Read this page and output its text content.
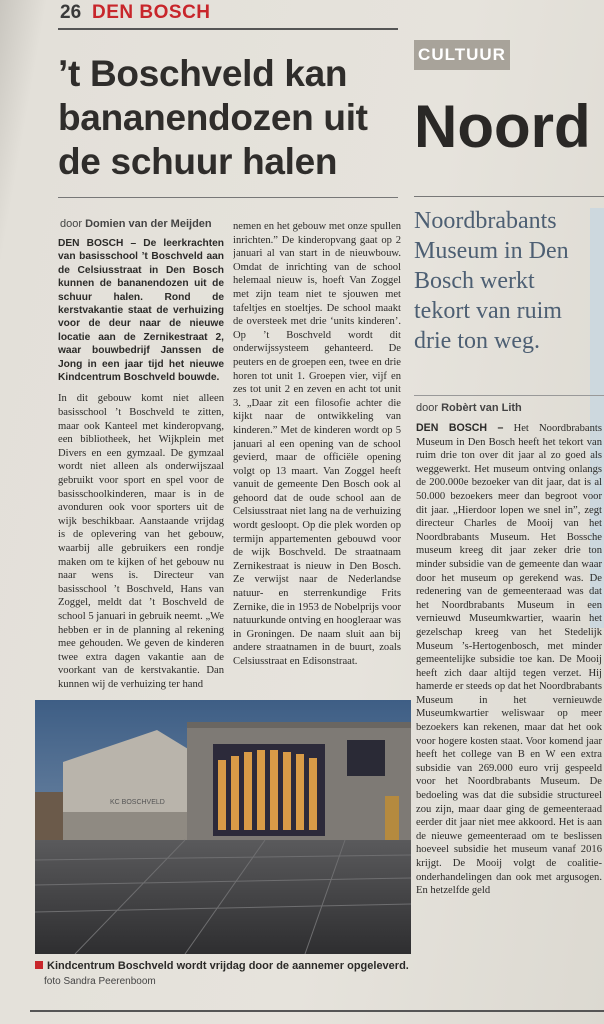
26 DEN BOSCH
’t Boschveld kan bananendozen uit de schuur halen
door Domien van der Meijden

DEN BOSCH – De leerkrachten van basisschool ’t Boschveld aan de Celsiusstraat in Den Bosch kunnen de bananendozen uit de schuur halen. Rond de kerstvakantie staat de verhuizing voor de deur naar de nieuwe locatie aan de Zernikestraat 2, waar bouwbedrijf Janssen de Jong in een jaar tijd het nieuwe Kindcentrum Boschveld bouwde.

In dit gebouw komt niet alleen basisschool ’t Boschveld te zitten, maar ook Kanteel met kinderopvang, een bibliotheek, het Wijkplein met Divers en een gymzaal. De gymzaal wordt niet alleen als onderwijszaal gebruikt voor sport en spel voor de basisschoolkinderen, maar is in de avonduren ook voor sporters uit de wijk beschikbaar. Aanstaande vrijdag is de oplevering van het gebouw, waarbij alle gebruikers een rondje maken om te kijken of het gebouw nu naar wens is. Directeur van basisschool ’t Boschveld, Hans van Zoggel, meldt dat ’t Boschveld de school 5 januari in gebruik neemt. „We hebben er in de planning al rekening mee gehouden. We geven de kinderen twee extra dagen vakantie aan de voorkant van de kerstvakantie. Dan kunnen wij de verhuizing ter hand

nemen en het gebouw met onze spullen inrichten.” De kinderopvang gaat op 2 januari al van start in de nieuwbouw. Omdat de inrichting van de school helemaal nieuw is, hoeft Van Zoggel met zijn team niet te sjouwen met tafeltjes en stoeltjes. De school maakt de oversteek met drie ‘units kinderen’. Op ’t Boschveld wordt dit onderwijssysteem gehanteerd. De peuters en de groepen een, twee en drie horen tot unit 1. Groepen vier, vijf en zes tot unit 2 en zeven en acht tot unit 3. „Daar zit een filosofie achter die kijkt naar de ontwikkeling van kinderen.” Met de kinderen wordt op 5 januari al een opening van de school gevierd, maar de officiële opening volgt op 13 maart. Van Zoggel heeft vanuit de gemeente Den Bosch ook al gehoord dat de oude school aan de Celsiusstraat niet lang na de verhuizing wordt gesloopt. Op die plek worden op termijn appartementen gebouwd voor de wijk Boschveld. De straatnaam Zernikestraat is nieuw in Den Bosch. Ze verwijst naar de Nederlandse natuur- en sterrenkundige Frits Zernike, die in 1953 de Nobelprijs voor natuurkunde ontving en hoogleraar was in Groningen. De naam sluit aan bij andere straatnamen in de buurt, zoals Celsiusstraat en Edisonstraat.

KC BOSCHVELD
Kindcentrum Boschveld wordt vrijdag door de aannemer opgeleverd.
foto Sandra Peerenboom
CULTUUR
Noord
Noordbrabants Museum in Den Bosch werkt tekort van ruim drie ton weg.
door Robèrt van Lith

DEN BOSCH – Het Noordbrabants Museum in Den Bosch heeft het tekort van ruim drie ton over dit jaar al zo goed als weggewerkt. Het museum ontving onlangs de 200.000e bezoeker van dit jaar, dat is al 50.000 bezoekers meer dan begroot voor dit jaar. „Hierdoor lopen we snel in”, zegt directeur Charles de Mooij van het Noordbrabants Museum. Het Bossche museum kreeg dit jaar zeker drie ton minder subsidie van de gemeente dan waar door het museum op gerekend was. De redenering van de gemeenteraad was dat het Noordbrabants Museum in een vernieuwd Museumkwartier, waarin het gezelschap kreeg van het Stedelijk Museum ’s-Hertogenbosch, met minder gemeentelijke subsidie toe kan. De Mooij heeft zich daar altijd tegen verzet. Hij hamerde er steeds op dat het Noordbrabants Museum in het vernieuwde Museumkwartier weliswaar op meer bezoekers kan rekenen, maar dat het ook voor hogere kosten staat. Voor komend jaar heeft het college van B en W een extra subsidie van 269.000 euro vrij gespeeld voor het Noordbrabants Museum. De bedoeling was dat die subsidie structureel zou zijn, maar daar ging de gemeenteraad eerder dit jaar niet mee akkoord. Het is aan de nieuwe gemeenteraad om te beslissen hoeveel subsidie het museum vanaf 2016 krijgt. De Mooij volgt de coalitie-onderhandelingen dan ook met argusogen. En hetzelfde geld
